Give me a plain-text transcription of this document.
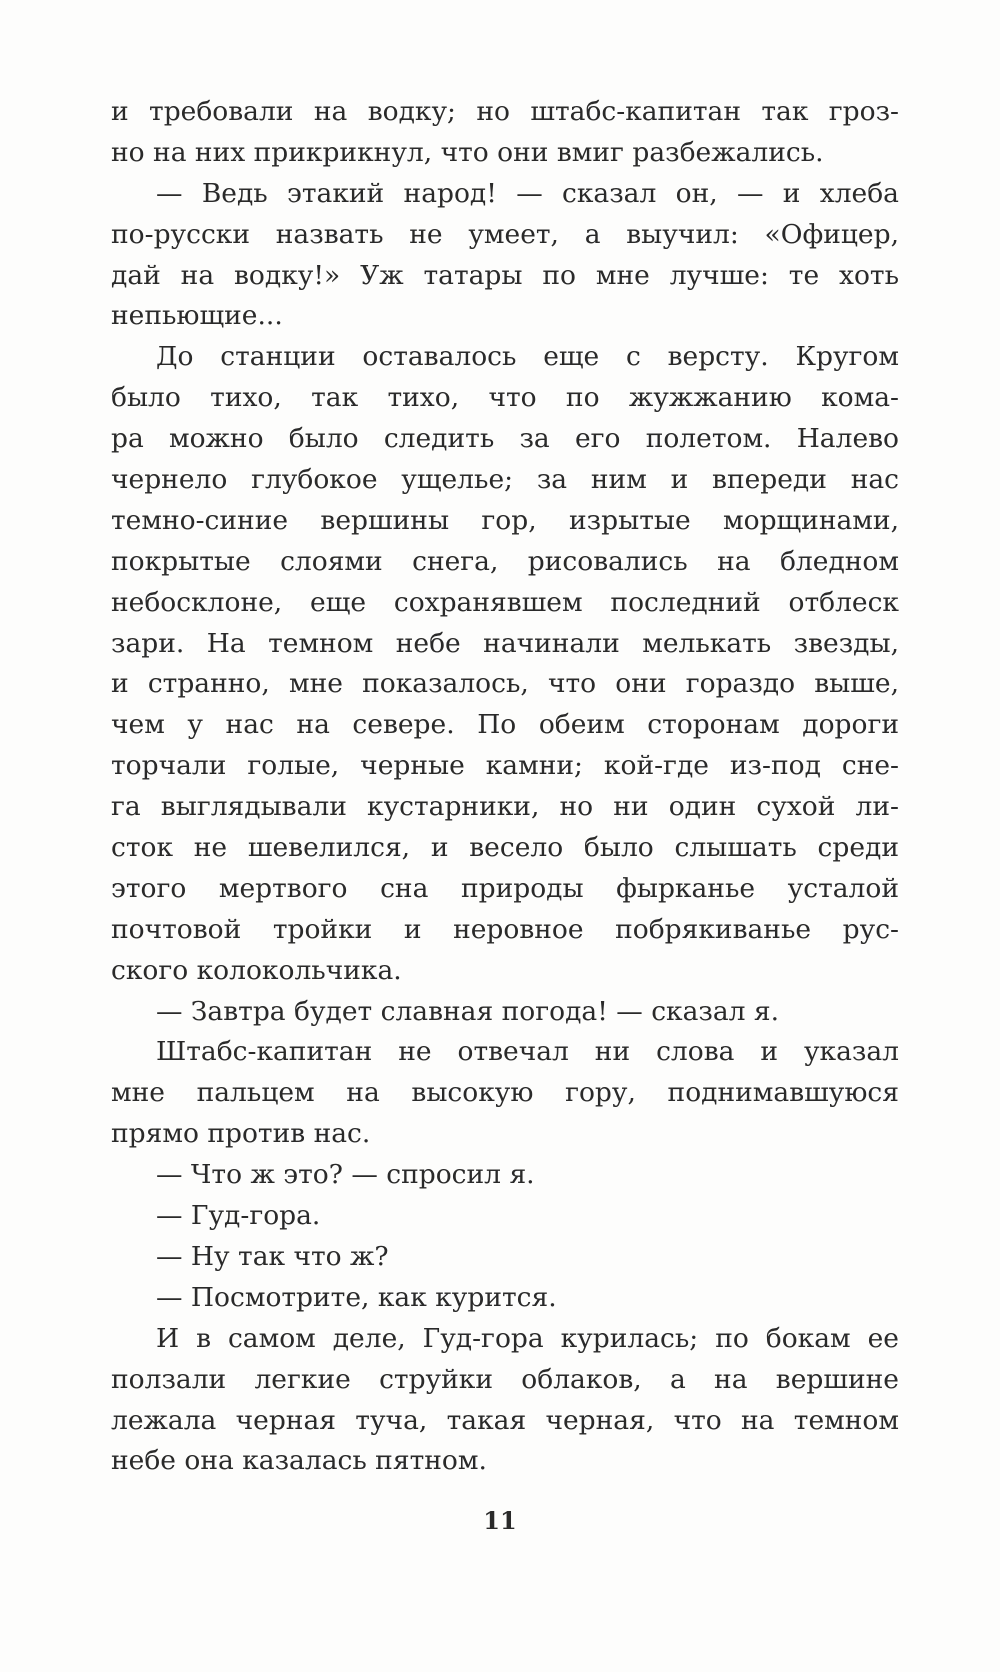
и требовали на водку; но штабс-капитан так гроз-
но на них прикрикнул, что они вмиг разбежались.
— Ведь этакий народ! — сказал он, — и хлеба
по-русски назвать не умеет, а выучил: «Офицер,
дай на водку!» Уж татары по мне лучше: те хоть
непьющие...
До станции оставалось еще с версту. Кругом
было тихо, так тихо, что по жужжанию кома-
ра можно было следить за его полетом. Налево
чернело глубокое ущелье; за ним и впереди нас
темно-синие вершины гор, изрытые морщинами,
покрытые слоями снега, рисовались на бледном
небосклоне, еще сохранявшем последний отблеск
зари. На темном небе начинали мелькать звезды,
и странно, мне показалось, что они гораздо выше,
чем у нас на севере. По обеим сторонам дороги
торчали голые, черные камни; кой-где из-под сне-
га выглядывали кустарники, но ни один сухой ли-
сток не шевелился, и весело было слышать среди
этого мертвого сна природы фырканье усталой
почтовой тройки и неровное побрякиванье рус-
ского колокольчика.
— Завтра будет славная погода! — сказал я.
Штабс-капитан не отвечал ни слова и указал
мне пальцем на высокую гору, поднимавшуюся
прямо против нас.
— Что ж это? — спросил я.
— Гуд-гора.
— Ну так что ж?
— Посмотрите, как курится.
И в самом деле, Гуд-гора курилась; по бокам ее
ползали легкие струйки облаков, а на вершине
лежала черная туча, такая черная, что на темном
небе она казалась пятном.
11
